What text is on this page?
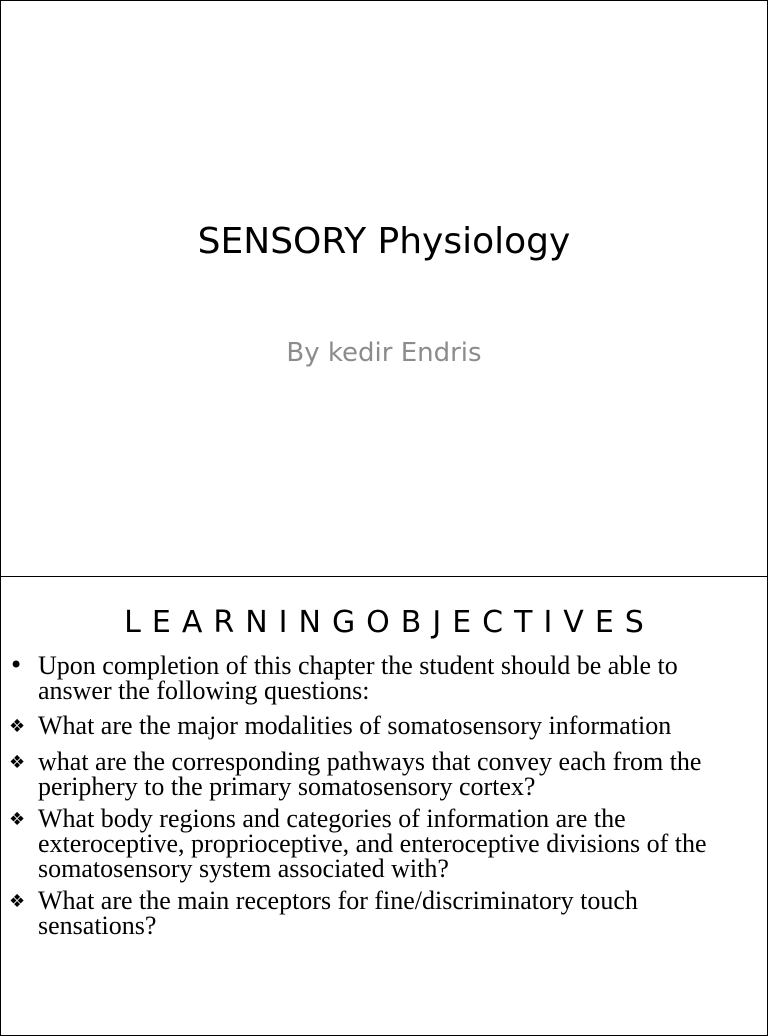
SENSORY Physiology
By kedir Endris
LEARNINGOBJECTIVES
• Upon completion of this chapter the student should be able to answer the following questions:
❖ What are the major modalities of somatosensory information
❖ what are the corresponding pathways that convey each from the periphery to the primary somatosensory cortex?
❖ What body regions and categories of information are the exteroceptive, proprioceptive, and enteroceptive divisions of the somatosensory system associated with?
❖ What are the main receptors for fine/discriminatory touch sensations?
